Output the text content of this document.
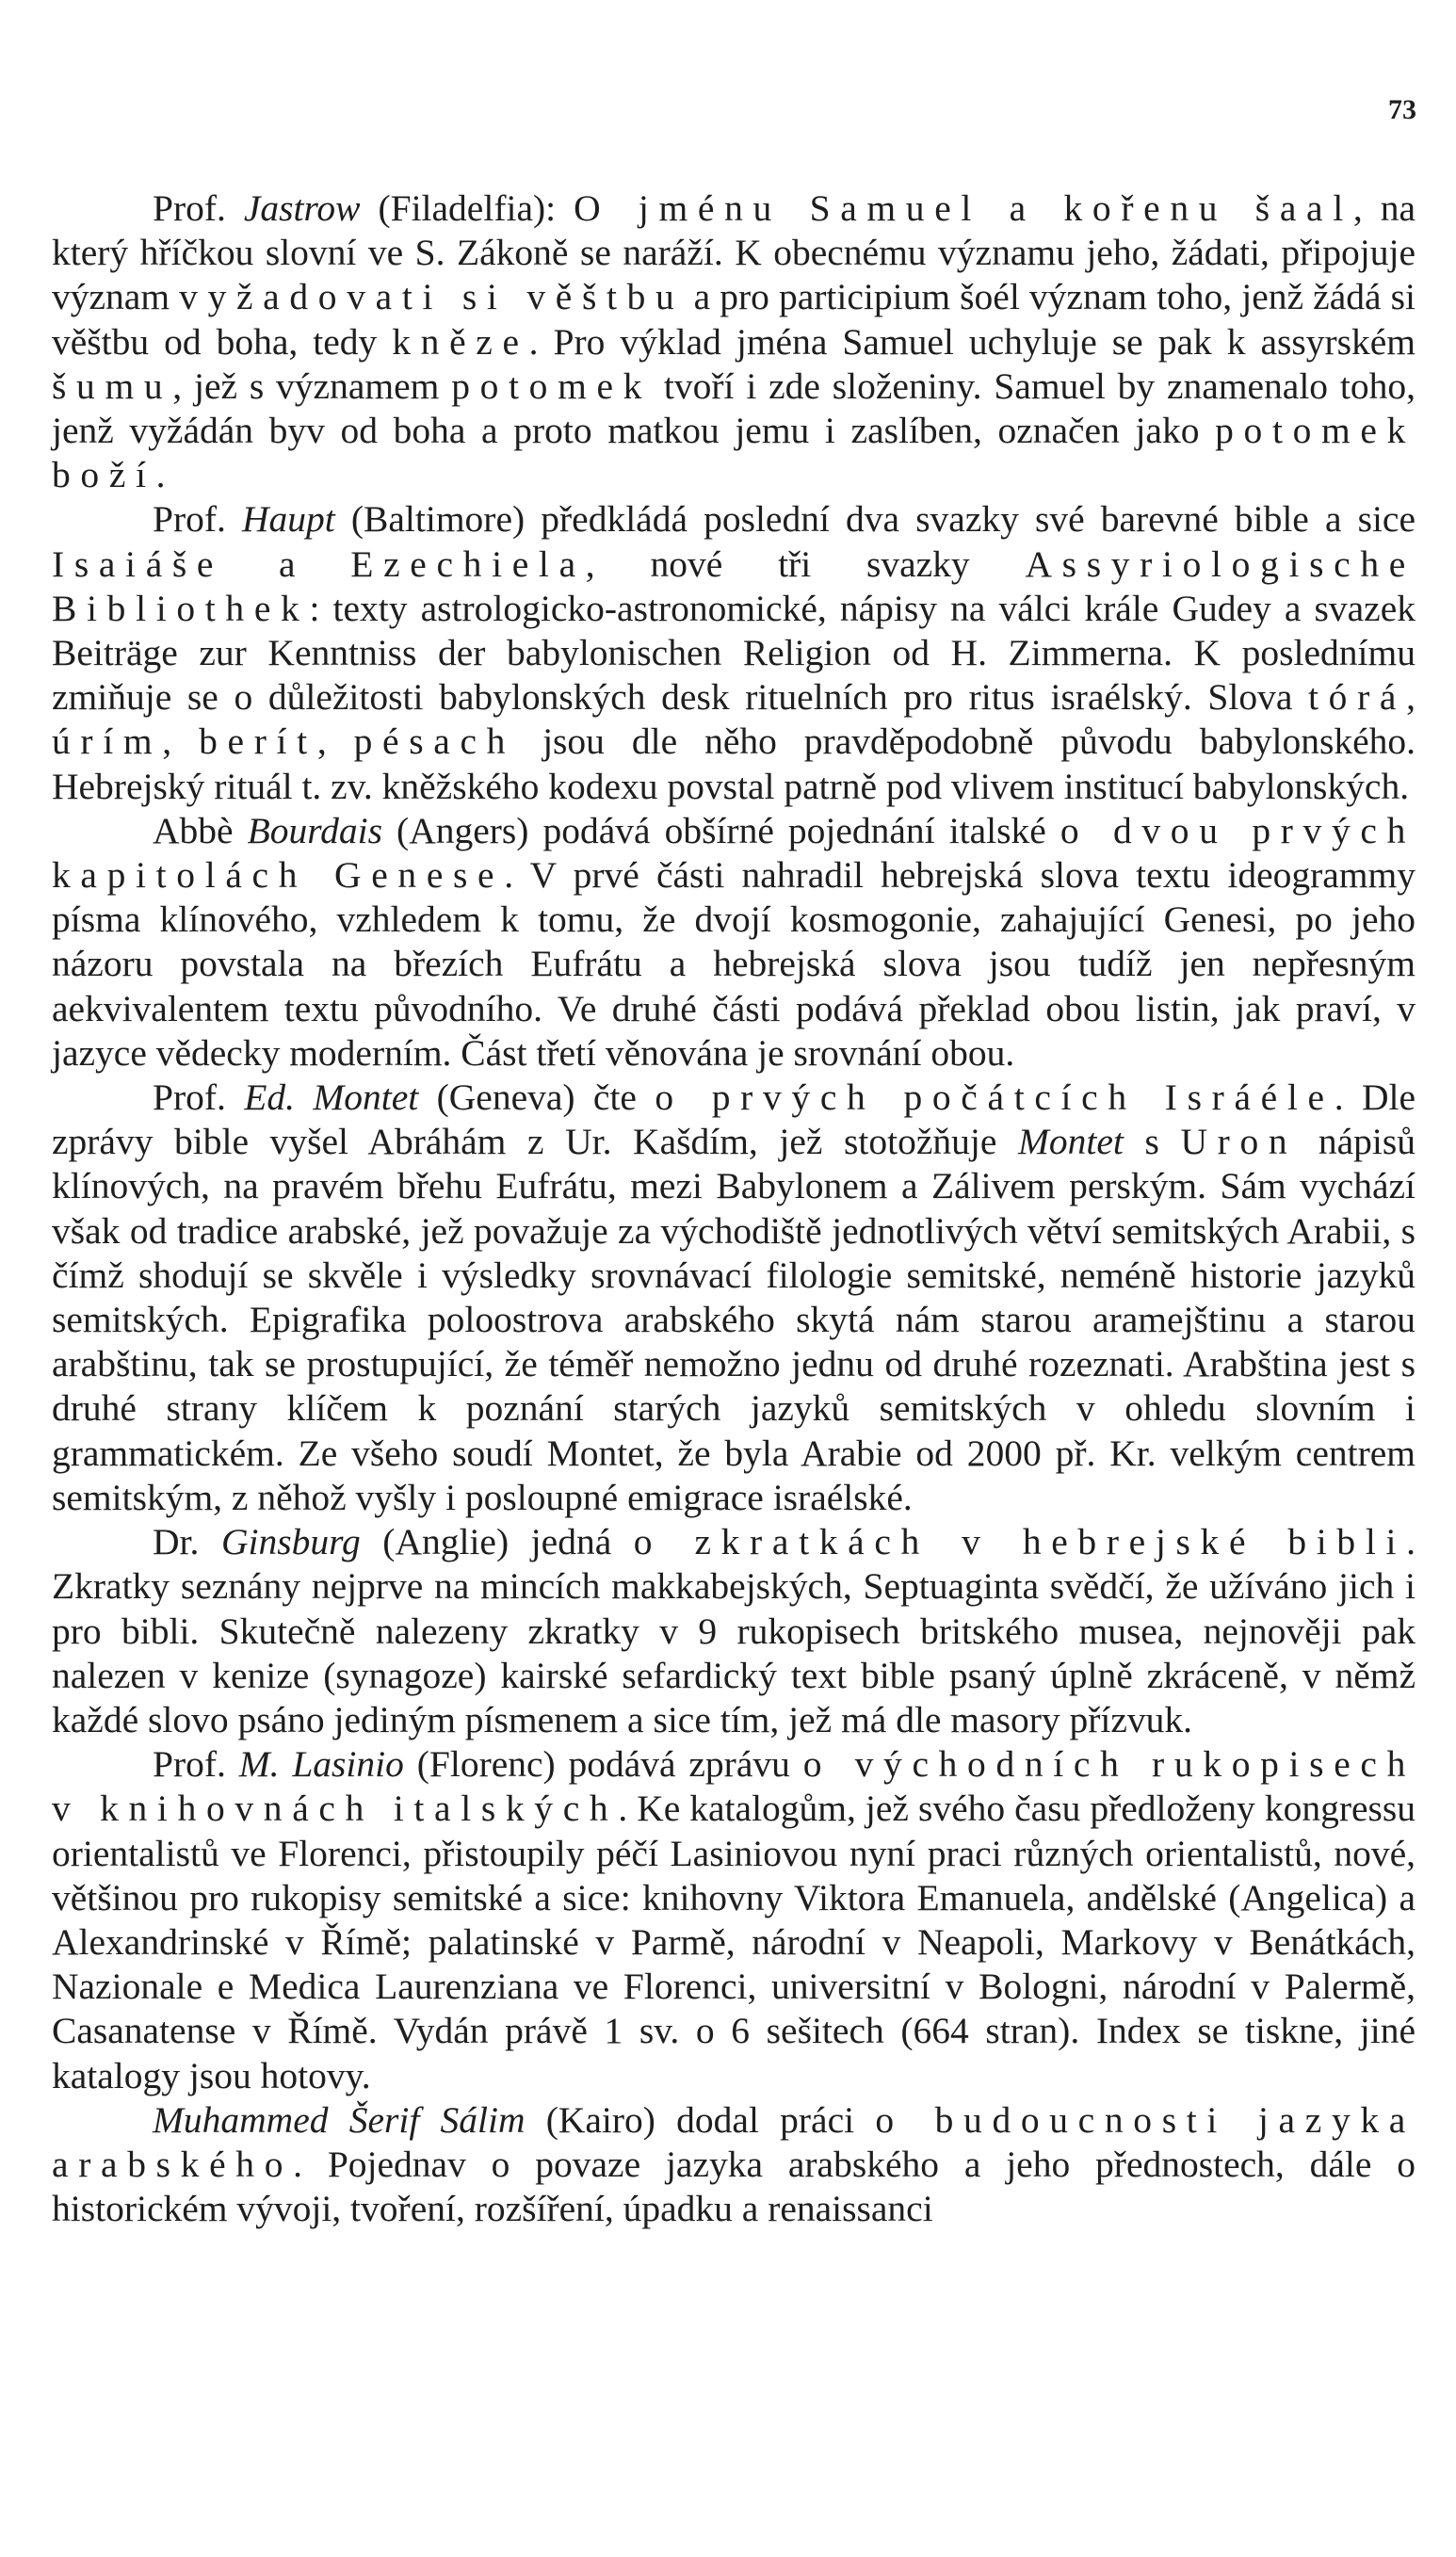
73

Prof. Jastrow (Filadelfia): O jménu Samuel a kořenu šaal, na který hříčkou slovní ve S. Zákoně se naráží. K obecnému významu jeho, žádati, připojuje význam vyžadovati si věštbu a pro participium šoél význam toho, jenž žádá si věštbu od boha, tedy kněze. Pro výklad jména Samuel uchyluje se pak k assyrském šumu, jež s významem potomek tvoří i zde složeniny. Samuel by znamenalo toho, jenž vyžádán byv od boha a proto matkou jemu i zaslíben, označen jako potomek boží.

Prof. Haupt (Baltimore) předkládá poslední dva svazky své barevné bible a sice Isaiáše a Ezechiela, nové tři svazky Assyriologische Bibliothek: texty astrologicko-astronomické, nápisy na válci krále Gudey a svazek Beiträge zur Kenntniss der babylonischen Religion od H. Zimmerna. K poslednímu zmiňuje se o důležitosti babylonských desk rituelních pro ritus israélský. Slova tórá, úrím, berít, pésach jsou dle něho pravděpodobně původu babylonského. Hebrejský rituál t. zv. kněžského kodexu povstal patrně pod vlivem institucí babylonských.

Abbè Bourdais (Angers) podává obšírné pojednání italské o dvou prvých kapitolách Genese. V prvé části nahradil hebrejská slova textu ideogrammy písma klínového, vzhledem k tomu, že dvojí kosmogonie, zahajující Genesi, po jeho názoru povstala na březích Eufrátu a hebrejská slova jsou tudíž jen nepřesným aekvivalentem textu původního. Ve druhé části podává překlad obou listin, jak praví, v jazyce vědecky moderním. Část třetí věnována je srovnání obou.

Prof. Ed. Montet (Geneva) čte o prvých počátcích Isráéle. Dle zprávy bible vyšel Abráhám z Ur. Kašdím, jež stotožňuje Montet s Uron nápisů klínových, na pravém břehu Eufrátu, mezi Babylonem a Zálivem perským. Sám vychází však od tradice arabské, jež považuje za východiště jednotlivých větví semitských Arabii, s čímž shodují se skvěle i výsledky srovnávací filologie semitské, neméně historie jazyků semitských. Epigrafika poloostrova arabského skytá nám starou aramejštinu a starou arabštinu, tak se prostupující, že téměř nemožno jednu od druhé rozeznati. Arabština jest s druhé strany klíčem k poznání starých jazyků semitských v ohledu slovním i grammatickém. Ze všeho soudí Montet, že byla Arabie od 2000 př. Kr. velkým centrem semitským, z něhož vyšly i posloupné emigrace israélské.

Dr. Ginsburg (Anglie) jedná o zkratkách v hebrejské bibli. Zkratky seznány nejprve na mincích makkabejských, Septuaginta svědčí, že užíváno jich i pro bibli. Skutečně nalezeny zkratky v 9 rukopisech britského musea, nejnověji pak nalezen v kenize (synagoze) kairské sefardický text bible psaný úplně zkráceně, v němž každé slovo psáno jediným písmenem a sice tím, jež má dle masory přízvuk.

Prof. M. Lasinio (Florenc) podává zprávu o východních rukopisech v knihovnách italských. Ke katalogům, jež svého času předloženy kongressu orientalistů ve Florenci, přistoupily péčí Lasiniovou nyní praci různých orientalistů, nové, většinou pro rukopisy semitské a sice: knihovny Viktora Emanuela, andělské (Angelica) a Alexandrinské v Římě; palatinské v Parmě, národní v Neapoli, Markovy v Benátkách, Nazionale e Medica Laurenziana ve Florenci, universitní v Bologni, národní v Palermě, Casanatense v Římě. Vydán právě 1 sv. o 6 sešitech (664 stran). Index se tiskne, jiné katalogy jsou hotovy.

Muhammed Šerif Sálim (Kairo) dodal práci o budoucnosti jazyka arabského. Pojednav o povaze jazyka arabského a jeho přednostech, dále o historickém vývoji, tvoření, rozšíření, úpadku a renaissanci
